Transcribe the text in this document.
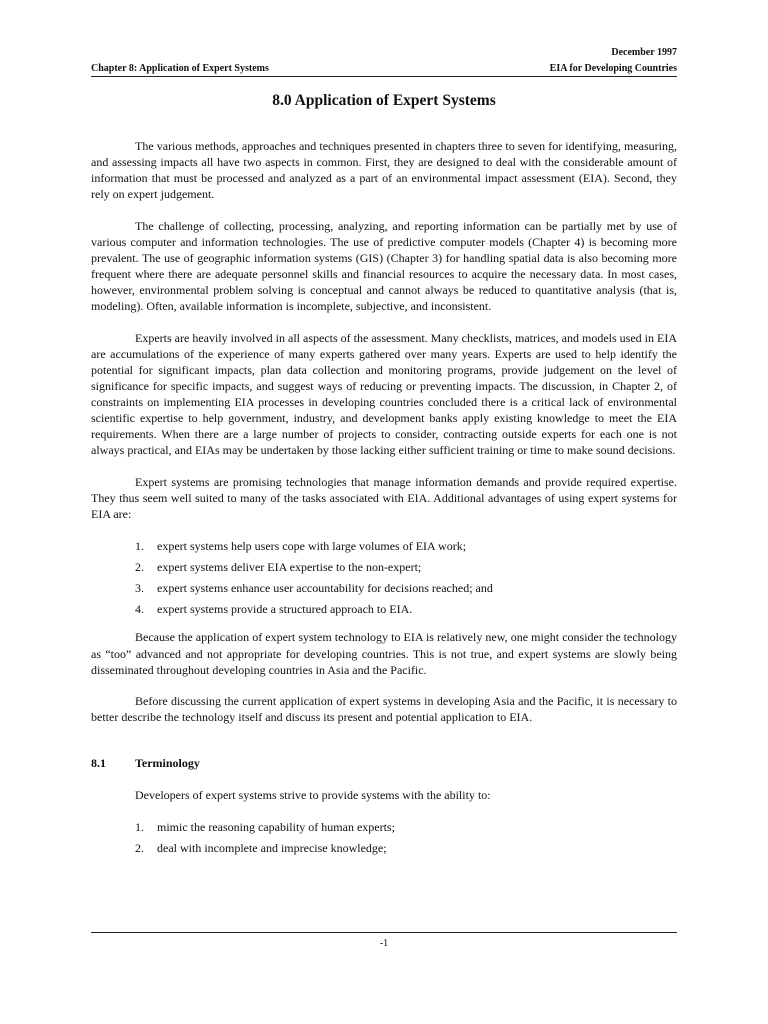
December 1997
Chapter 8: Application of Expert Systems	EIA for Developing Countries
8.0 Application of Expert Systems

The various methods, approaches and techniques presented in chapters three to seven for identifying, measuring, and assessing impacts all have two aspects in common. First, they are designed to deal with the considerable amount of information that must be processed and analyzed as a part of an environmental impact assessment (EIA). Second, they rely on expert judgement.

The challenge of collecting, processing, analyzing, and reporting information can be partially met by use of various computer and information technologies. The use of predictive computer models (Chapter 4) is becoming more prevalent. The use of geographic information systems (GIS) (Chapter 3) for handling spatial data is also becoming more frequent where there are adequate personnel skills and financial resources to acquire the necessary data. In most cases, however, environmental problem solving is conceptual and cannot always be reduced to quantitative analysis (that is, modeling). Often, available information is incomplete, subjective, and inconsistent.

Experts are heavily involved in all aspects of the assessment. Many checklists, matrices, and models used in EIA are accumulations of the experience of many experts gathered over many years. Experts are used to help identify the potential for significant impacts, plan data collection and monitoring programs, provide judgement on the level of significance for specific impacts, and suggest ways of reducing or preventing impacts. The discussion, in Chapter 2, of constraints on implementing EIA processes in developing countries concluded there is a critical lack of environmental scientific expertise to help government, industry, and development banks apply existing knowledge to meet the EIA requirements. When there are a large number of projects to consider, contracting outside experts for each one is not always practical, and EIAs may be undertaken by those lacking either sufficient training or time to make sound decisions.

Expert systems are promising technologies that manage information demands and provide required expertise. They thus seem well suited to many of the tasks associated with EIA. Additional advantages of using expert systems for EIA are:

1.	expert systems help users cope with large volumes of EIA work;
2.	expert systems deliver EIA expertise to the non-expert;
3.	expert systems enhance user accountability for decisions reached; and
4.	expert systems provide a structured approach to EIA.

Because the application of expert system technology to EIA is relatively new, one might consider the technology as “too” advanced and not appropriate for developing countries. This is not true, and expert systems are slowly being disseminated throughout developing countries in Asia and the Pacific.

Before discussing the current application of expert systems in developing Asia and the Pacific, it is necessary to better describe the technology itself and discuss its present and potential application to EIA.

8.1	Terminology

Developers of expert systems strive to provide systems with the ability to:

1.	mimic the reasoning capability of human experts;
2.	deal with incomplete and imprecise knowledge;
-1
